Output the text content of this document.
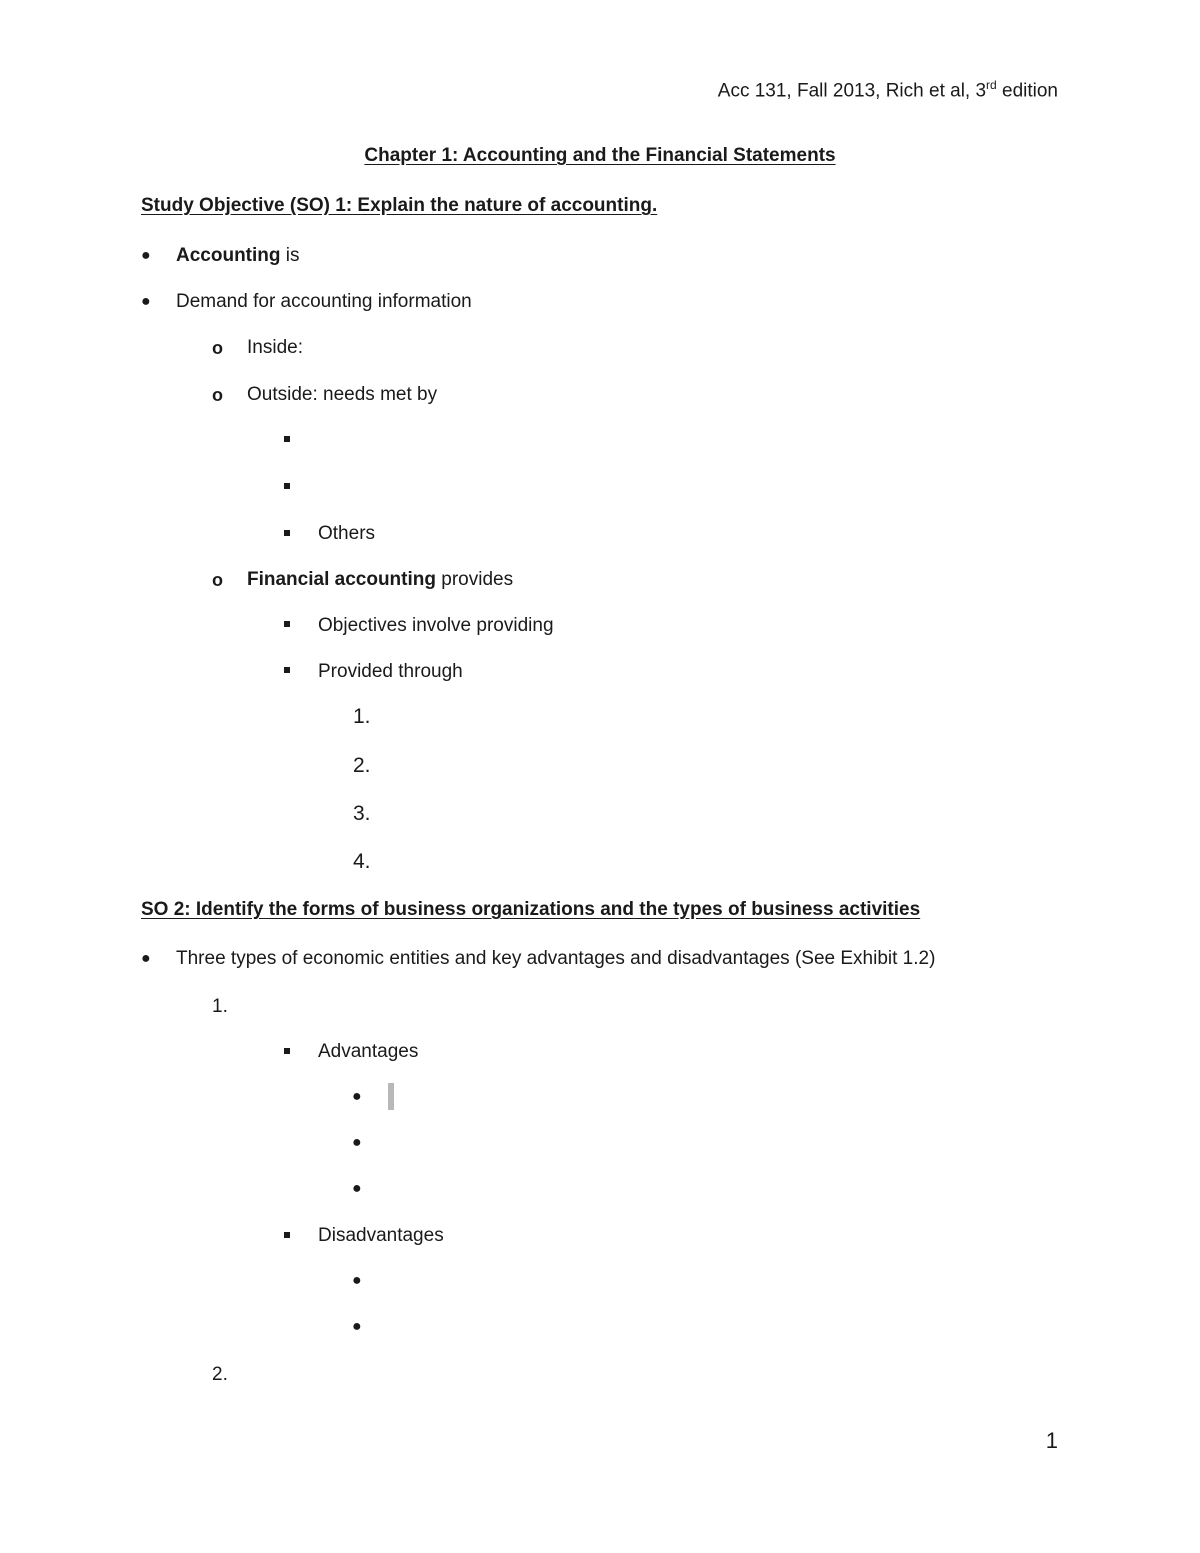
Acc 131, Fall 2013, Rich et al, 3rd edition
Chapter 1: Accounting and the Financial Statements
Study Objective (SO) 1: Explain the nature of accounting.
● Accounting is
● Demand for accounting information
o Inside:
o Outside: needs met by
Others
o Financial accounting provides
Objectives involve providing
Provided through
1.
2.
3.
4.
SO 2: Identify the forms of business organizations and the types of business activities
● Three types of economic entities and key advantages and disadvantages (See Exhibit 1.2)
1.
Advantages
●
●
●
Disadvantages
●
●
2.
1
